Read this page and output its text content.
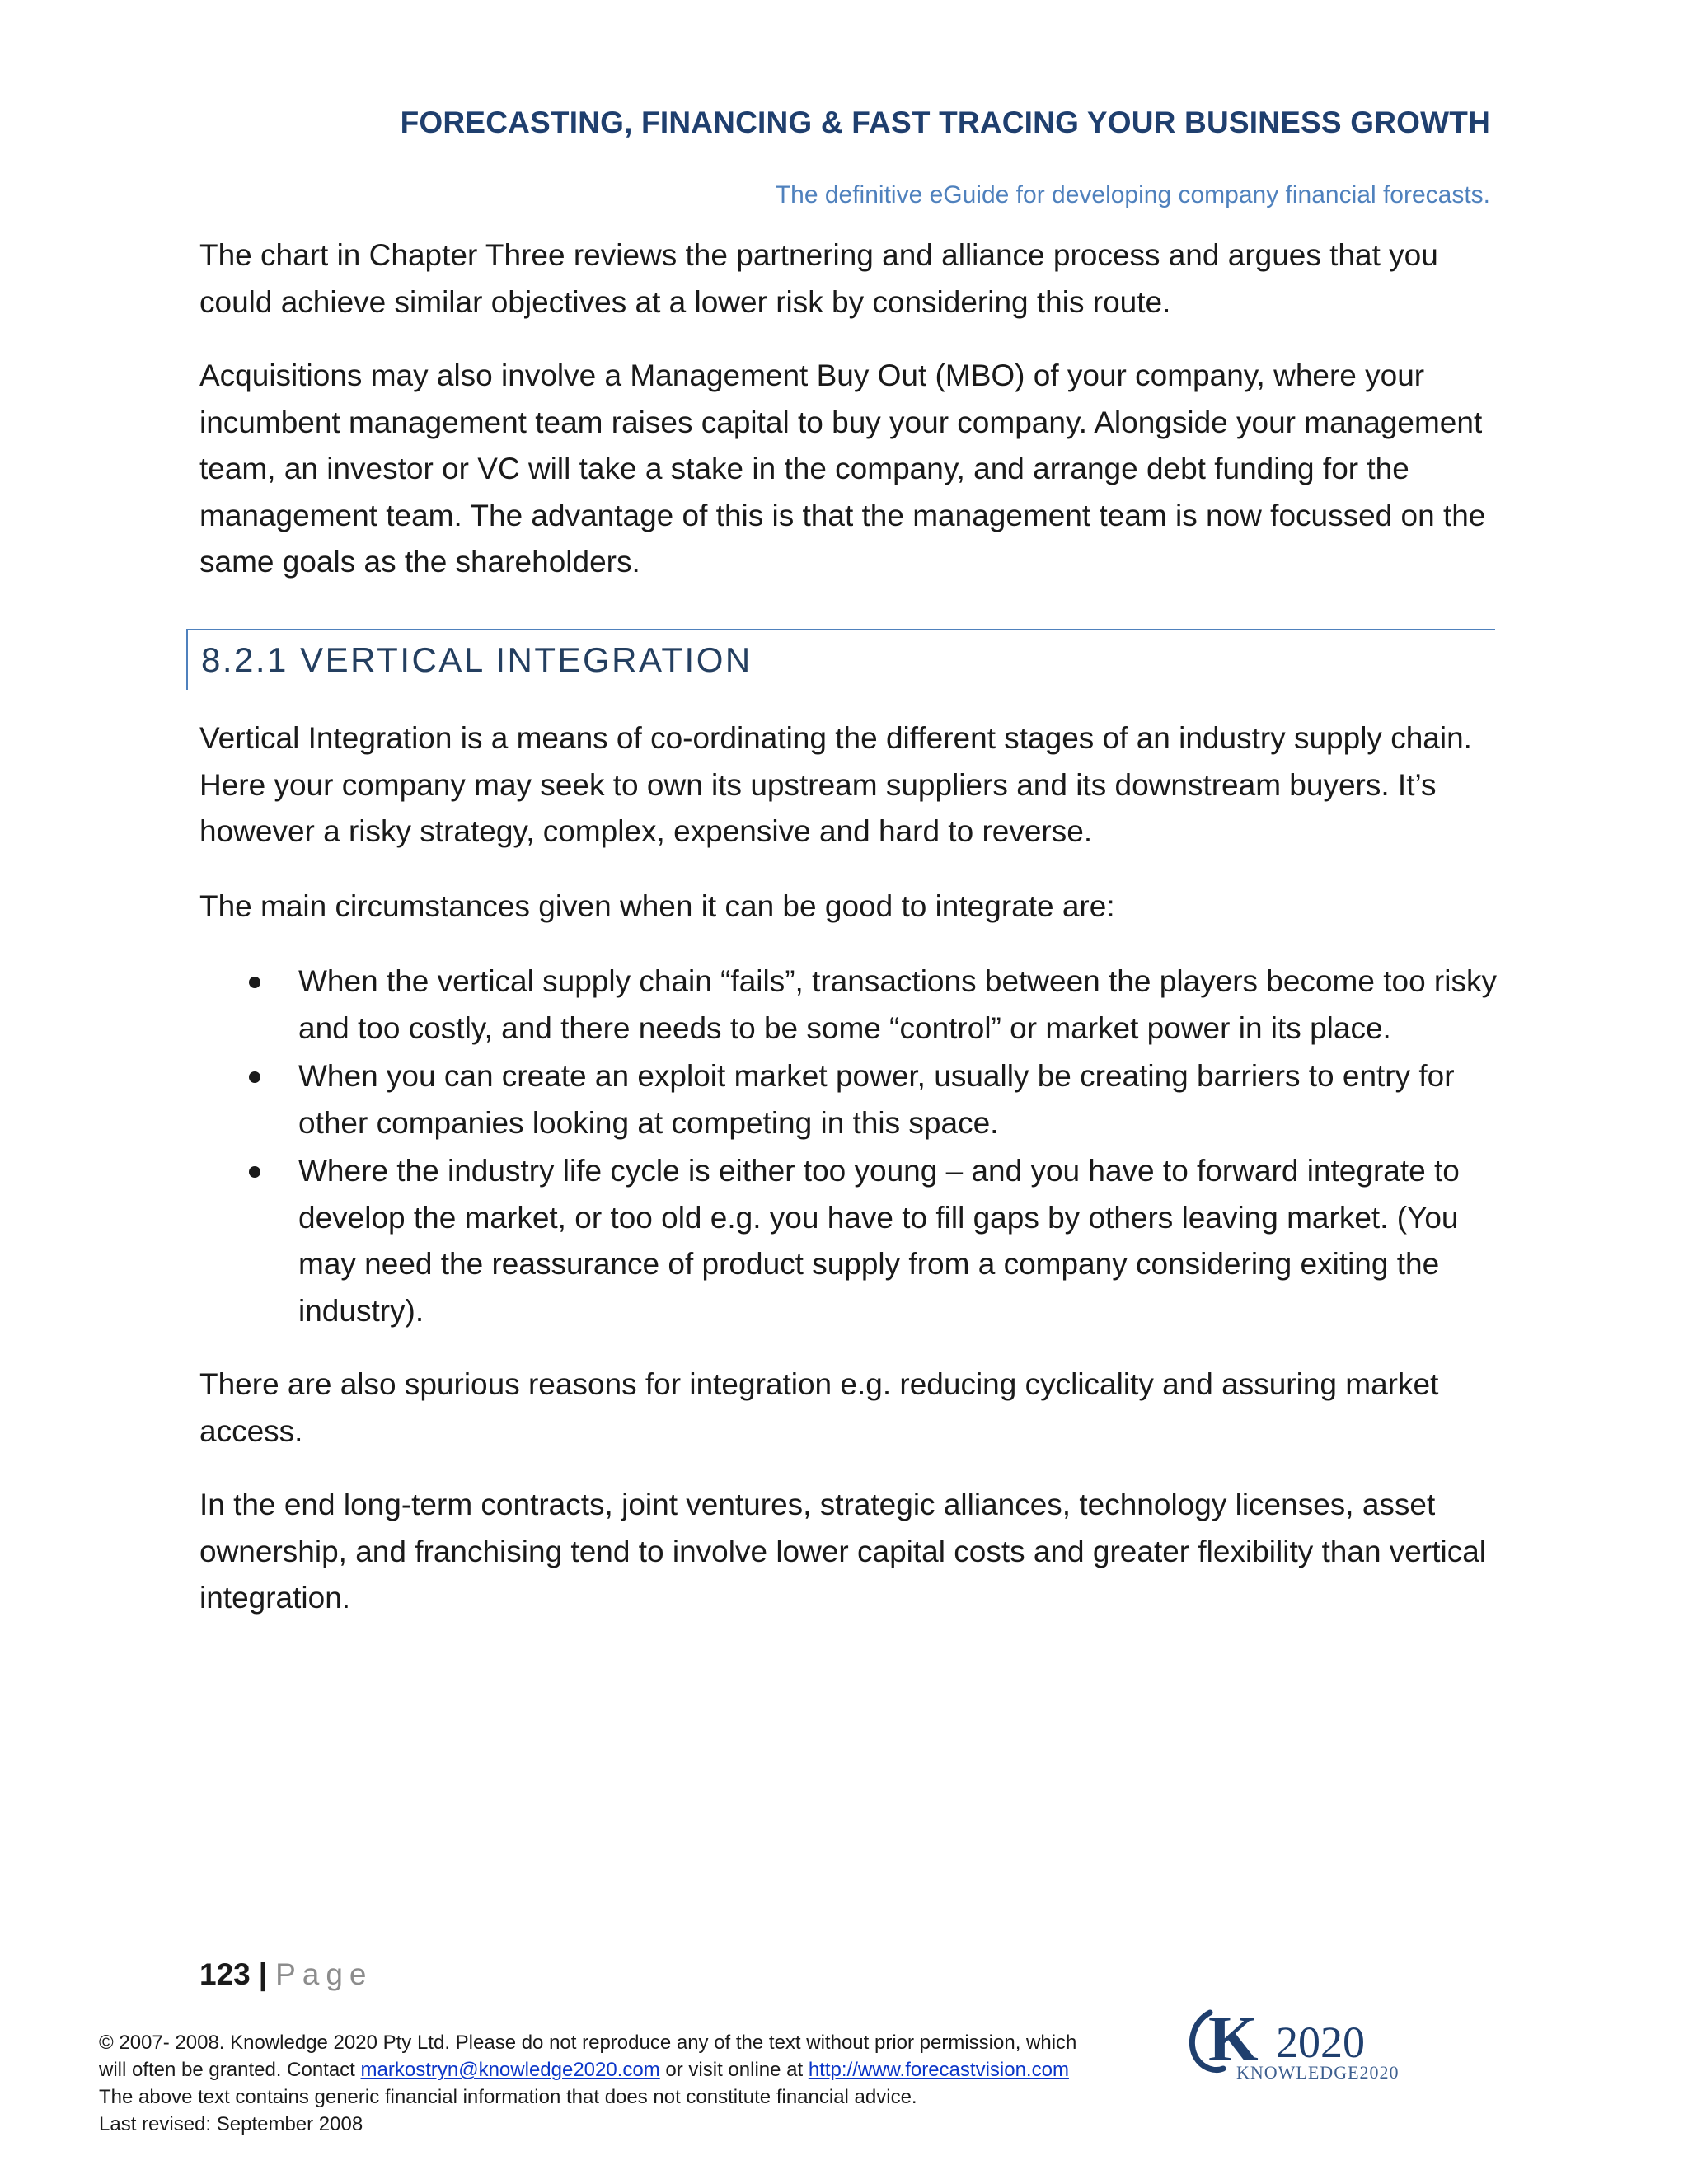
FORECASTING, FINANCING & FAST TRACING YOUR BUSINESS GROWTH
The definitive eGuide for developing company financial forecasts.

The chart in Chapter Three reviews the partnering and alliance process and argues that you could achieve similar objectives at a lower risk by considering this route.

Acquisitions may also involve a Management Buy Out (MBO) of your company, where your incumbent management team raises capital to buy your company. Alongside your management team, an investor or VC will take a stake in the company, and arrange debt funding for the management team. The advantage of this is that the management team is now focussed on the same goals as the shareholders.

8.2.1 VERTICAL INTEGRATION

Vertical Integration is a means of co-ordinating the different stages of an industry supply chain. Here your company may seek to own its upstream suppliers and its downstream buyers. It’s however a risky strategy, complex, expensive and hard to reverse.

The main circumstances given when it can be good to integrate are:

When the vertical supply chain “fails”, transactions between the players become too risky and too costly, and there needs to be some “control” or market power in its place.
When you can create an exploit market power, usually be creating barriers to entry for other companies looking at competing in this space.
Where the industry life cycle is either too young – and you have to forward integrate to develop the market, or too old e.g. you have to fill gaps by others leaving market. (You may need the reassurance of product supply from a company considering exiting the industry).

There are also spurious reasons for integration e.g. reducing cyclicality and assuring market access.

In the end long-term contracts, joint ventures, strategic alliances, technology licenses, asset ownership, and franchising tend to involve lower capital costs and greater flexibility than vertical integration.

123 | Page
© 2007- 2008. Knowledge 2020 Pty Ltd. Please do not reproduce any of the text without prior permission, which
will often be granted. Contact markostryn@knowledge2020.com or visit online at http://www.forecastvision.com
The above text contains generic financial information that does not constitute financial advice.
Last revised: September 2008
K 2020
KNOWLEDGE2020
